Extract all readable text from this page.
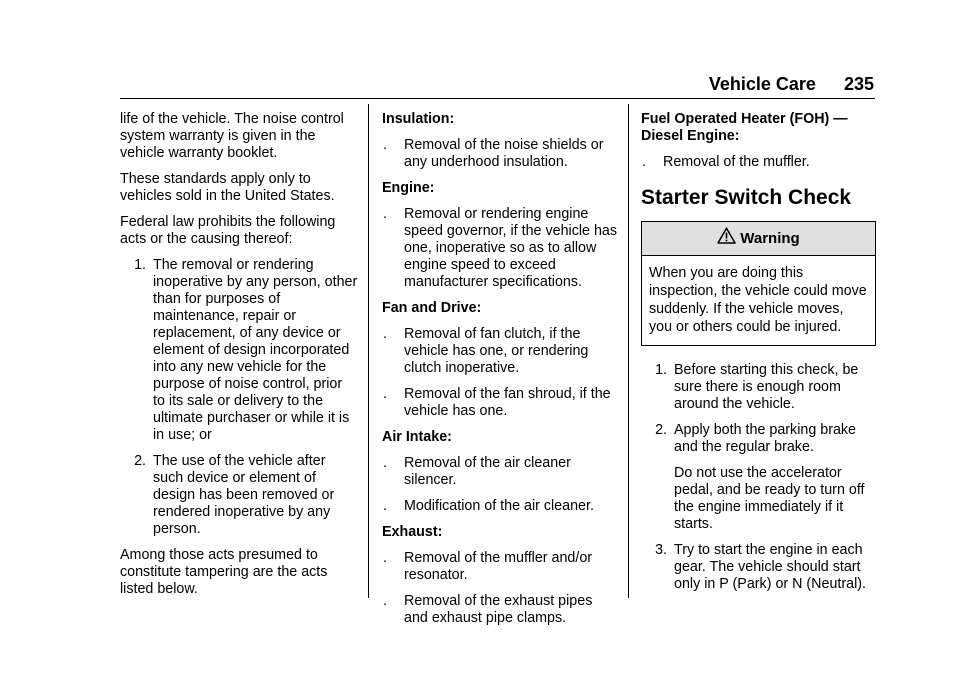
Vehicle Care 235

life of the vehicle. The noise control system warranty is given in the vehicle warranty booklet.

These standards apply only to vehicles sold in the United States.

Federal law prohibits the following acts or the causing thereof:

1. The removal or rendering inoperative by any person, other than for purposes of maintenance, repair or replacement, of any device or element of design incorporated into any new vehicle for the purpose of noise control, prior to its sale or delivery to the ultimate purchaser or while it is in use; or
2. The use of the vehicle after such device or element of design has been removed or rendered inoperative by any person.

Among those acts presumed to constitute tampering are the acts listed below.

Insulation:
. Removal of the noise shields or any underhood insulation.
Engine:
. Removal or rendering engine speed governor, if the vehicle has one, inoperative so as to allow engine speed to exceed manufacturer specifications.
Fan and Drive:
. Removal of fan clutch, if the vehicle has one, or rendering clutch inoperative.
. Removal of the fan shroud, if the vehicle has one.
Air Intake:
. Removal of the air cleaner silencer.
. Modification of the air cleaner.
Exhaust:
. Removal of the muffler and/or resonator.
. Removal of the exhaust pipes and exhaust pipe clamps.
Fuel Operated Heater (FOH) — Diesel Engine:
. Removal of the muffler.
Starter Switch Check
Warning
When you are doing this inspection, the vehicle could move suddenly. If the vehicle moves, you or others could be injured.
1. Before starting this check, be sure there is enough room around the vehicle.
2. Apply both the parking brake and the regular brake.
Do not use the accelerator pedal, and be ready to turn off the engine immediately if it starts.
3. Try to start the engine in each gear. The vehicle should start only in P (Park) or N (Neutral).
